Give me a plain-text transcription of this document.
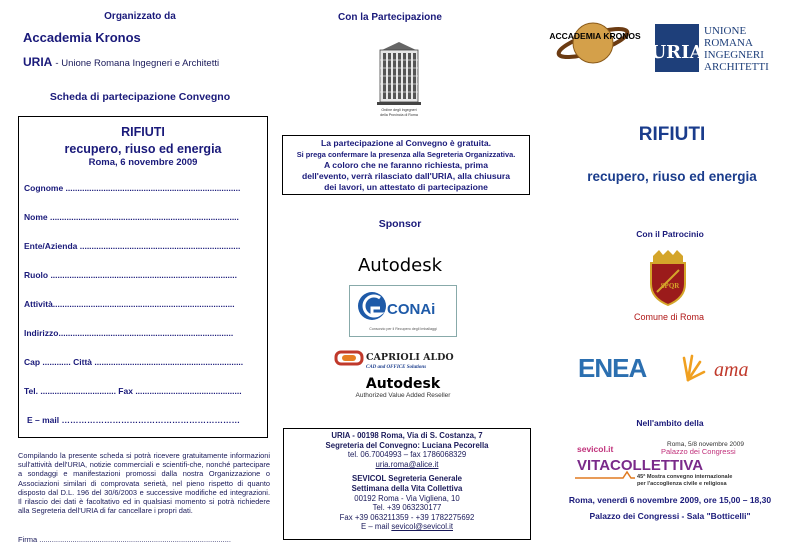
Organizzato da
Accademia Kronos
URIA - Unione Romana Ingegneri e Architetti
Scheda di partecipazione Convegno
RIFIUTI
recupero, riuso ed energia
Roma, 6 novembre 2009
Cognome ..........................................................................
Nome ................................................................................
Ente/Azienda ....................................................................
Ruolo ...............................................................................
Attività.............................................................................
Indirizzo..........................................................................
Cap ............ Città ...............................................................
Tel. ................................ Fax .............................................
E – mail ………………………………………………………
Compilando la presente scheda si potrà ricevere gratuitamente informazioni sull'attività dell'URIA, notizie commerciali e scientifi-che, nonché partecipare a sondaggi e manifestazioni promossi dalla nostra Organizzazione o Associazioni similari di comprovata serietà, nel pieno rispetto di quanto disposto dal D.L. 196 del 30/6/2003 e successive modifiche ed integrazioni. Il rilascio dei dati è facoltativo ed in qualsiasi momento si potrà richiedere alla Segreteria dell'URIA di far cancellare i propri dati.
Firma ............................................................................................
Con la Partecipazione
Ordine degli Ingegneri
della Provincia di Roma
La partecipazione al Convegno è gratuita.
Si prega confermare la presenza alla Segreteria Organizzativa.
A coloro che ne faranno richiesta, prima
dell'evento, verrà rilasciato dall'URIA, alla chiusura
dei lavori, un attestato di partecipazione
Sponsor
Autodesk
CONAi
Consorzio per il Recupero degli Imballaggi
CAPRIOLI ALDO
CAD and OFFICE Solutions
Autodesk
Authorized Value Added Reseller
URIA - 00198 Roma, Via di S. Costanza, 7
Segreteria del Convegno: Luciana Pecorella
tel. 06.7004993 – fax 1786068329
uria.roma@alice.it
SEVICOL Segreteria Generale
Settimana della Vita Collettiva
00192 Roma - Via Vigliena, 10
Tel. +39 063230177
Fax +39 063211359 - +39 1782275692
E – mail sevicol@sevicol.it
ACCADEMIA KRONOS
URIA
UNIONE
ROMANA
INGEGNERI
ARCHITETTI
RIFIUTI
recupero, riuso ed energia
Con il Patrocinio
SPQR
Comune di Roma
ENEA	ama
Nell'ambito della
sevicol.it	Roma, 5/8 novembre 2009
Palazzo dei Congressi
VITACOLLETTIVA
45ª Mostra convegno internazionale
per l'accoglienza civile e religiosa
Roma, venerdì 6 novembre 2009, ore 15,00 – 18,30
Palazzo dei Congressi - Sala "Botticelli"
